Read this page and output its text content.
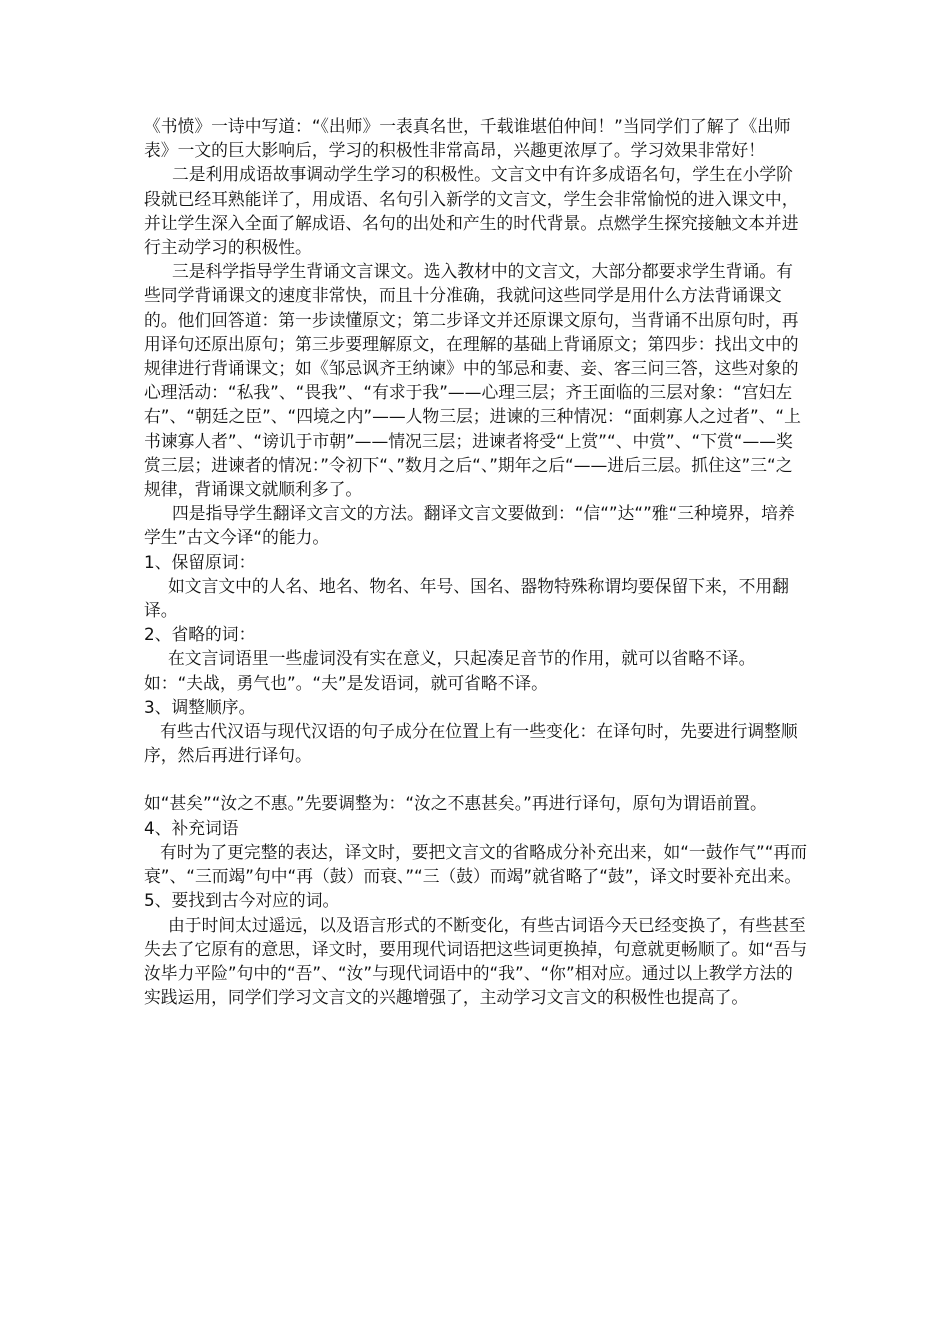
《书愤》一诗中写道：“《出师》一表真名世，千载谁堪伯仲间！”当同学们了解了《出师表》一文的巨大影响后，学习的积极性非常高昂，兴趣更浓厚了。学习效果非常好！

二是利用成语故事调动学生学习的积极性。文言文中有许多成语名句，学生在小学阶段就已经耳熟能详了，用成语、名句引入新学的文言文，学生会非常愉悦的进入课文中，并让学生深入全面了解成语、名句的出处和产生的时代背景。点燃学生探究接触文本并进行主动学习的积极性。

三是科学指导学生背诵文言课文。选入教材中的文言文，大部分都要求学生背诵。有些同学背诵课文的速度非常快，而且十分准确，我就问这些同学是用什么方法背诵课文的。他们回答道：第一步读懂原文；第二步译文并还原课文原句，当背诵不出原句时，再用译句还原出原句；第三步要理解原文，在理解的基础上背诵原文；第四步：找出文中的规律进行背诵课文；如《邹忌讽齐王纳谏》中的邹忌和妻、妾、客三问三答，这些对象的心理活动：“私我”、“畏我”、“有求于我”——心理三层；齐王面临的三层对象：“宫妇左右”、“朝廷之臣”、“四境之内”——人物三层；进谏的三种情况：“面刺寡人之过者”、“上书谏寡人者”、“谤讥于市朝”——情况三层；进谏者将受“上赏”“、中赏”、“下赏“——奖赏三层；进谏者的情况：”令初下“、”数月之后“、”期年之后“——进后三层。抓住这”三“之规律，背诵课文就顺利多了。

四是指导学生翻译文言文的方法。翻译文言文要做到：“信“”达“”雅“三种境界，培养学生”古文今译“的能力。

1、保留原词：

如文言文中的人名、地名、物名、年号、国名、器物特殊称谓均要保留下来，不用翻译。

2、省略的词：

在文言词语里一些虚词没有实在意义，只起凑足音节的作用，就可以省略不译。

如：“夫战，勇气也”。“夫”是发语词，就可省略不译。

3、调整顺序。

有些古代汉语与现代汉语的句子成分在位置上有一些变化：在译句时，先要进行调整顺序，然后再进行译句。

如“甚矣”“汝之不惠。”先要调整为：“汝之不惠甚矣。”再进行译句，原句为谓语前置。

4、补充词语

有时为了更完整的表达，译文时，要把文言文的省略成分补充出来，如“一鼓作气”“再而衰”、“三而竭”句中“再（鼓）而衰、”“三（鼓）而竭”就省略了“鼓”，译文时要补充出来。

5、要找到古今对应的词。

由于时间太过遥远，以及语言形式的不断变化，有些古词语今天已经变换了，有些甚至失去了它原有的意思，译文时，要用现代词语把这些词更换掉，句意就更畅顺了。如“吾与汝毕力平险”句中的“吾”、“汝”与现代词语中的“我”、“你”相对应。通过以上教学方法的实践运用，同学们学习文言文的兴趣增强了，主动学习文言文的积极性也提高了。
